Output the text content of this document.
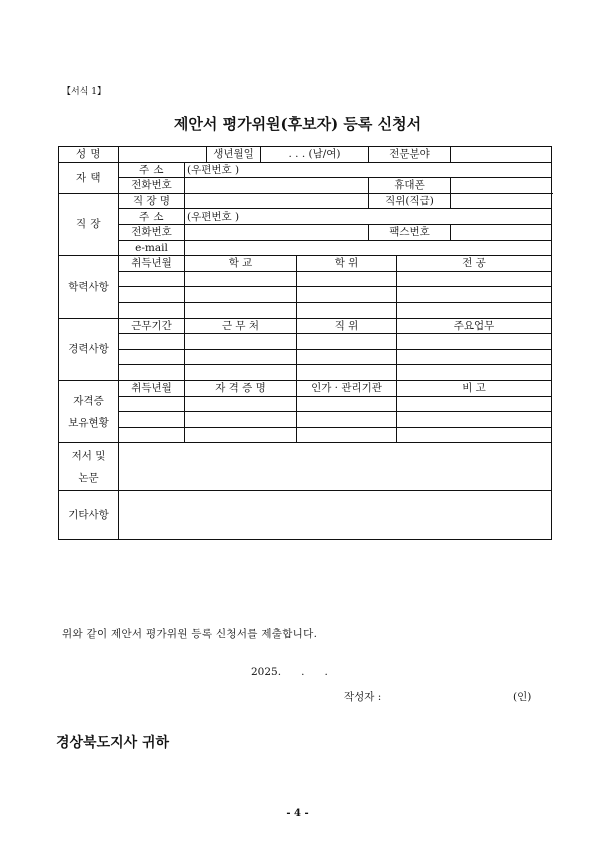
【서식 1】
제안서 평가위원(후보자) 등록 신청서
성 명			생년월일	. . . (남/여)		전문분야		
자 택	주 소	(우편번호 )						
	전화번호					휴대폰		
직 장	직 장 명					직위(직급)		
	주 소	(우편번호 )						
	전화번호					팩스번호		
	e-mail							
학력사항	취득년월	학 교			학 위		전 공	

경력사항	근무기간	근 무 처			직 위		주요업무	

자격증
보유현황	취득년월	자 격 증 명			인가 · 관리기관		비 고	

저서 및
논문								
기타사항								
위와 같이 제안서 평가위원 등록 신청서를 제출합니다.
2025.      .      .
작성자 :	(인)
경상북도지사 귀하
- 4 -
